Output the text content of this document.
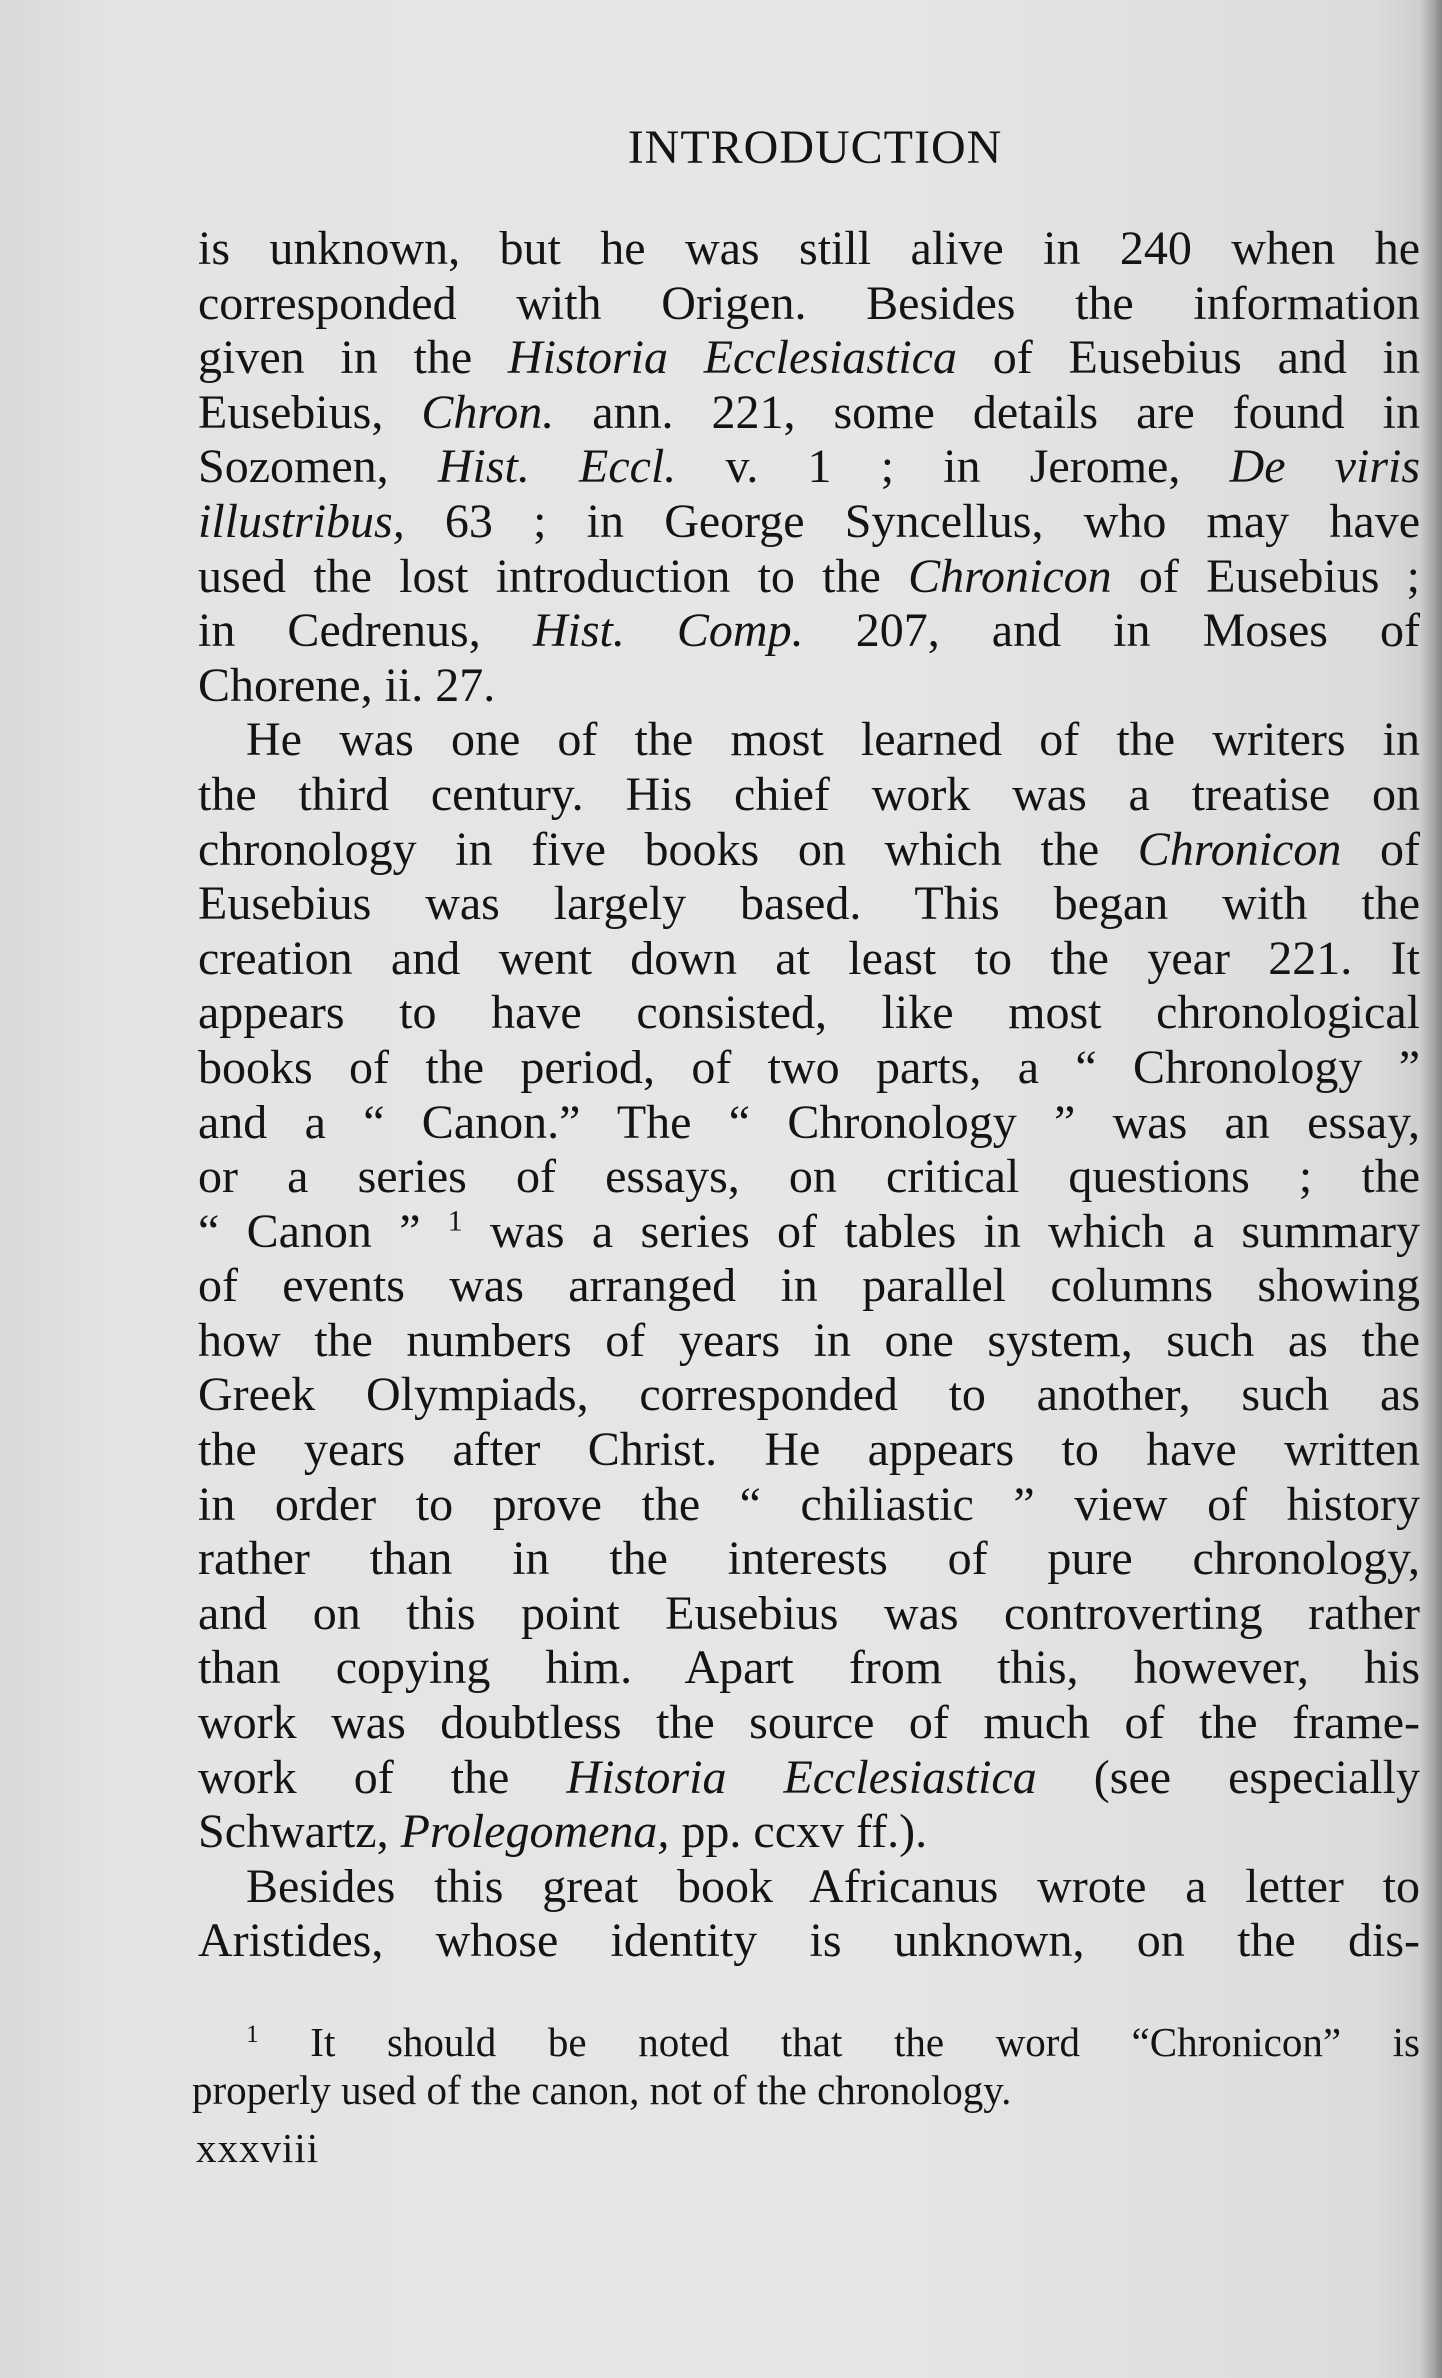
INTRODUCTION

is unknown, but he was still alive in 240 when he

corresponded with Origen. Besides the information

given in the Historia Ecclesiastica of Eusebius and in

Eusebius, Chron. ann. 221, some details are found in

Sozomen, Hist. Eccl. v. 1 ; in Jerome, De viris

illustribus, 63 ; in George Syncellus, who may have

used the lost introduction to the Chronicon of Eusebius ;

in Cedrenus, Hist. Comp. 207, and in Moses of

Chorene, ii. 27.

He was one of the most learned of the writers in

the third century. His chief work was a treatise on

chronology in five books on which the Chronicon of

Eusebius was largely based. This began with the

creation and went down at least to the year 221. It

appears to have consisted, like most chronological

books of the period, of two parts, a “ Chronology ”

and a “ Canon.” The “ Chronology ” was an essay,

or a series of essays, on critical questions ; the

“ Canon ” $^1$ was a series of tables in which a summary

of events was arranged in parallel columns showing

how the numbers of years in one system, such as the

Greek Olympiads, corresponded to another, such as

the years after Christ. He appears to have written

in order to prove the “ chiliastic ” view of history

rather than in the interests of pure chronology,

and on this point Eusebius was controverting rather

than copying him. Apart from this, however, his

work was doubtless the source of much of the frame-

work of the Historia Ecclesiastica (see especially

Schwartz, Prolegomena, pp. ccxv ff.).

Besides this great book Africanus wrote a letter to

Aristides, whose identity is unknown, on the dis-

$^1$ It should be noted that the word “Chronicon” is

properly used of the canon, not of the chronology.

xxxviii
